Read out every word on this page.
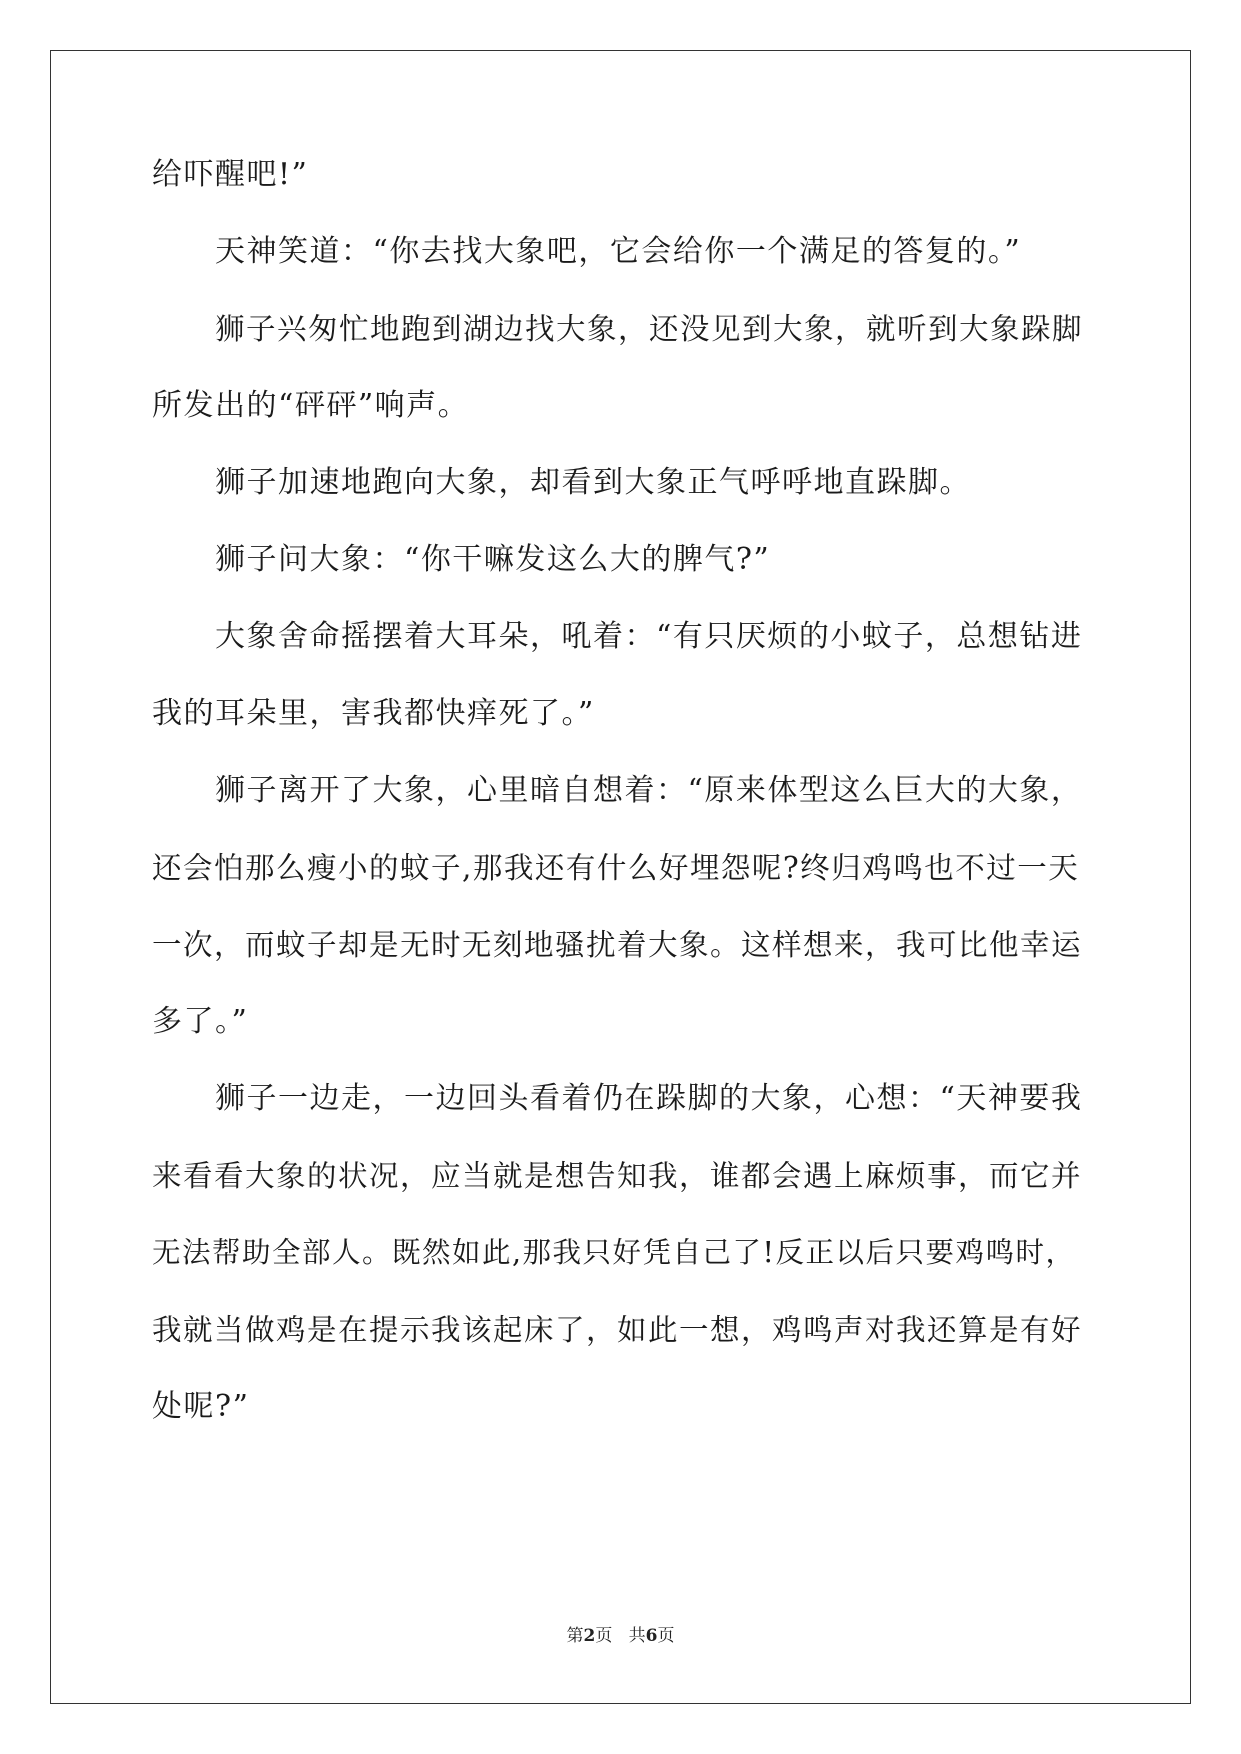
给吓醒吧!”
天神笑道：“你去找大象吧，它会给你一个满足的答复的。”
狮子兴匆忙地跑到湖边找大象，还没见到大象，就听到大象跺脚
所发出的“砰砰”响声。
狮子加速地跑向大象，却看到大象正气呼呼地直跺脚。
狮子问大象：“你干嘛发这么大的脾气?”
大象舍命摇摆着大耳朵，吼着：“有只厌烦的小蚊子，总想钻进
我的耳朵里，害我都快痒死了。”
狮子离开了大象，心里暗自想着：“原来体型这么巨大的大象，
还会怕那么瘦小的蚊子,那我还有什么好埋怨呢?终归鸡鸣也不过一天
一次，而蚊子却是无时无刻地骚扰着大象。这样想来，我可比他幸运
多了。”
狮子一边走，一边回头看着仍在跺脚的大象，心想：“天神要我
来看看大象的状况，应当就是想告知我，谁都会遇上麻烦事，而它并
无法帮助全部人。既然如此,那我只好凭自己了!反正以后只要鸡鸣时，
我就当做鸡是在提示我该起床了，如此一想，鸡鸣声对我还算是有好
处呢?”
第2页   共6页
